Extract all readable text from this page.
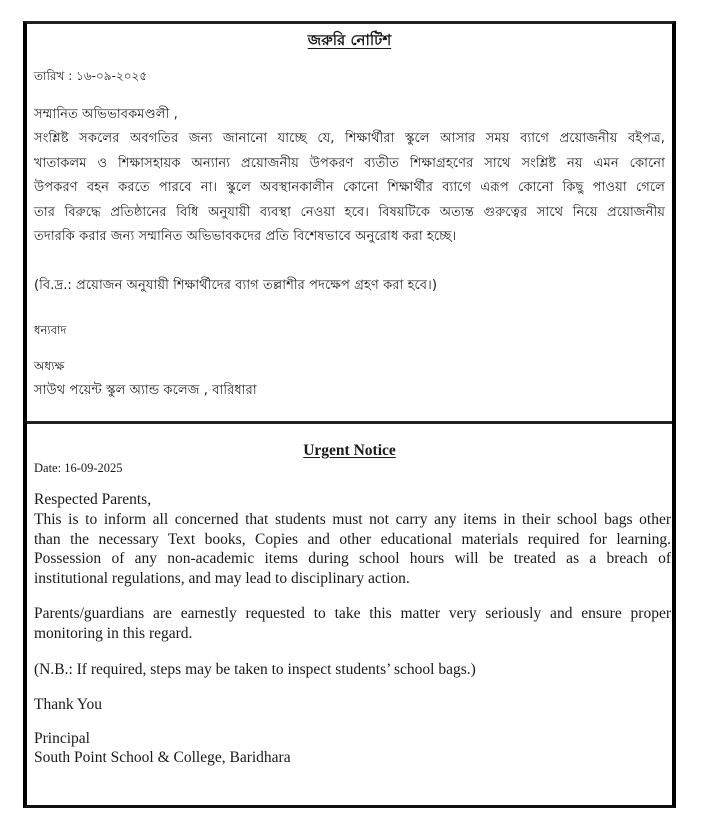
জরুরি নোটিশ
তারিখ : ১৬-০৯-২০২৫
সম্মানিত অভিভাবকমণ্ডলী ,
সংশ্লিষ্ট সকলের অবগতির জন্য জানানো যাচ্ছে যে, শিক্ষার্থীরা স্কুলে আসার সময় ব্যাগে প্রয়োজনীয় বইপত্র,
খাতাকলম ও শিক্ষাসহায়ক অন্যান্য প্রয়োজনীয় উপকরণ ব্যতীত শিক্ষাগ্রহণের সাথে সংশ্লিষ্ট নয় এমন কোনো
উপকরণ বহন করতে পারবে না। স্কুলে অবস্থানকালীন কোনো শিক্ষার্থীর ব্যাগে এরূপ কোনো কিছু পাওয়া গেলে
তার বিরুদ্ধে প্রতিষ্ঠানের বিধি অনুযায়ী ব্যবস্থা নেওয়া হবে। বিষয়টিকে অত্যন্ত গুরুত্বের সাথে নিয়ে প্রয়োজনীয়
তদারকি করার জন্য সম্মানিত অভিভাবকদের প্রতি বিশেষভাবে অনুরোধ করা হচ্ছে।
(বি.দ্র.: প্রয়োজন অনুযায়ী শিক্ষার্থীদের ব্যাগ তল্লাশীর পদক্ষেপ গ্রহণ করা হবে।)
ধন্যবাদ
অধ্যক্ষ
সাউথ পয়েন্ট স্কুল অ্যান্ড কলেজ , বারিধারা
Urgent Notice
Date: 16-09-2025
Respected Parents,
This is to inform all concerned that students must not carry any items in their school bags other
than the necessary Text books, Copies and other educational materials required for learning.
Possession of any non-academic items during school hours will be treated as a breach of
institutional regulations, and may lead to disciplinary action.
Parents/guardians are earnestly requested to take this matter very seriously and ensure proper
monitoring in this regard.
(N.B.: If required, steps may be taken to inspect students’ school bags.)
Thank You
Principal
South Point School & College, Baridhara
